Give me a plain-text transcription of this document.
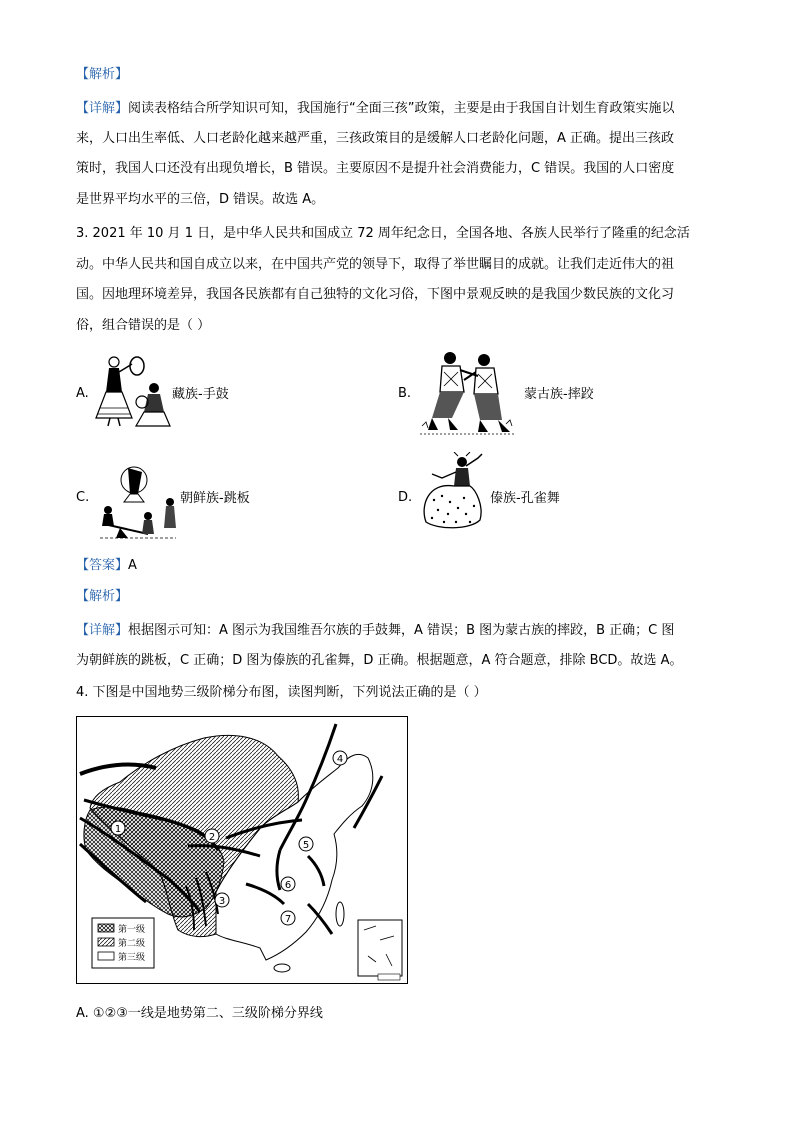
【解析】
【详解】阅读表格结合所学知识可知，我国施行“全面三孩”政策，主要是由于我国自计划生育政策实施以
来，人口出生率低、人口老龄化越来越严重，三孩政策目的是缓解人口老龄化问题，A 正确。提出三孩政
策时，我国人口还没有出现负增长，B 错误。主要原因不是提升社会消费能力，C 错误。我国的人口密度
是世界平均水平的三倍，D 错误。故选 A。
3. 2021 年 10 月 1 日，是中华人民共和国成立 72 周年纪念日，全国各地、各族人民举行了隆重的纪念活
动。中华人民共和国自成立以来，在中国共产党的领导下，取得了举世瞩目的成就。让我们走近伟大的祖
国。因地理环境差异，我国各民族都有自己独特的文化习俗，下图中景观反映的是我国少数民族的文化习
俗，组合错误的是（ ）
A.	藏族-手鼓	B.	蒙古族-摔跤
C.	朝鲜族-跳板	D.	傣族-孔雀舞
【答案】A
【解析】
【详解】根据图示可知：A 图示为我国维吾尔族的手鼓舞，A 错误；B 图为蒙古族的摔跤，B 正确；C 图
为朝鲜族的跳板，C 正确；D 图为傣族的孔雀舞，D 正确。根据题意，A 符合题意，排除 BCD。故选 A。
4. 下图是中国地势三级阶梯分布图，读图判断，下列说法正确的是（ ）
1
2
3
4
5
6
7
第一级
第二级
第三级
A. ①②③一线是地势第二、三级阶梯分界线
